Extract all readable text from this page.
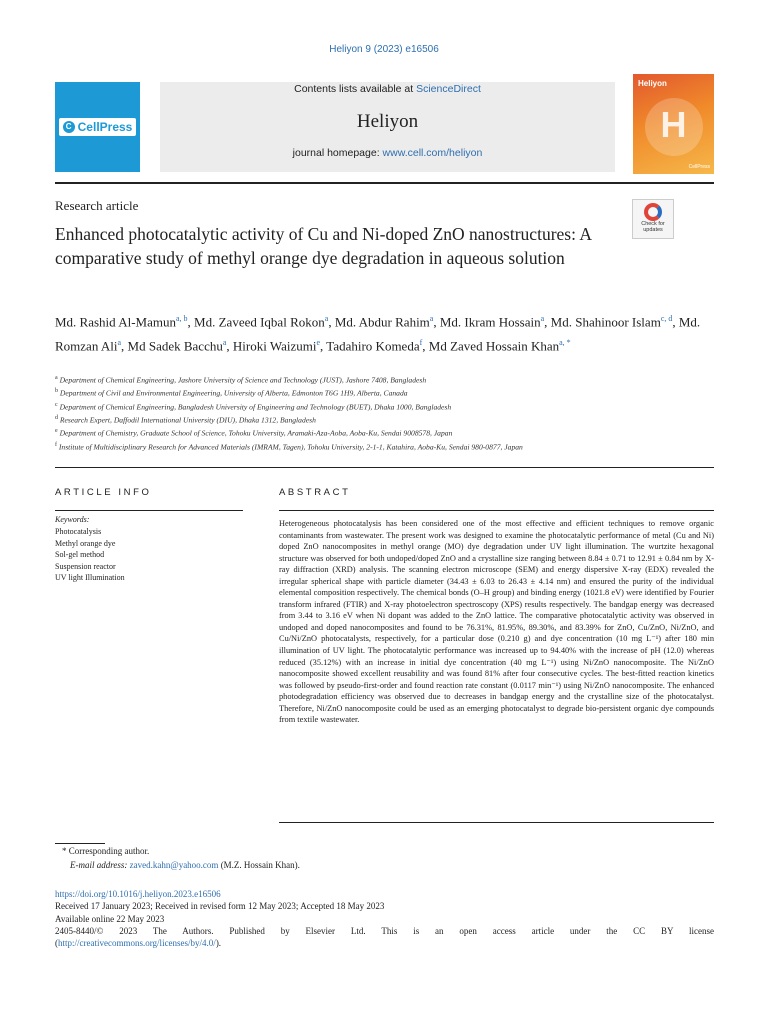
Heliyon 9 (2023) e16506
C CellPress
Contents lists available at ScienceDirect
Heliyon
journal homepage: www.cell.com/heliyon
Heliyon
H
CellPress
Research article
Enhanced photocatalytic activity of Cu and Ni-doped ZnO nanostructures: A comparative study of methyl orange dye degradation in aqueous solution
Check for
updates
Md. Rashid Al-Mamun$^{a, b}$, Md. Zaveed Iqbal Rokon$^a$, Md. Abdur Rahim$^a$, Md. Ikram Hossain$^a$, Md. Shahinoor Islam$^{c, d}$, Md. Romzan Ali$^a$, Md Sadek Bacchu$^a$, Hiroki Waizumi$^e$, Tadahiro Komeda$^f$, Md Zaved Hossain Khan$^{a, *}$
$^a$ Department of Chemical Engineering, Jashore University of Science and Technology (JUST), Jashore 7408, Bangladesh
$^b$ Department of Civil and Environmental Engineering, University of Alberta, Edmonton T6G 1H9, Alberta, Canada
$^c$ Department of Chemical Engineering, Bangladesh University of Engineering and Technology (BUET), Dhaka 1000, Bangladesh
$^d$ Research Expert, Daffodil International University (DIU), Dhaka 1312, Bangladesh
$^e$ Department of Chemistry, Graduate School of Science, Tohoku University, Aramaki-Aza-Aoba, Aoba-Ku, Sendai 9008578, Japan
$^f$ Institute of Multidisciplinary Research for Advanced Materials (IMRAM, Tagen), Tohoku University, 2-1-1, Katahira, Aoba-Ku, Sendai 980-0877, Japan
ARTICLE INFO
Keywords:
Photocatalysis
Methyl orange dye
Sol-gel method
Suspension reactor
UV light Illumination
ABSTRACT
Heterogeneous photocatalysis has been considered one of the most effective and efficient techniques to remove organic contaminants from wastewater. The present work was designed to examine the photocatalytic performance of metal (Cu and Ni) doped ZnO nanocomposites in methyl orange (MO) dye degradation under UV light illumination. The wurtzite hexagonal structure was observed for both undoped/doped ZnO and a crystalline size ranging between 8.84 ± 0.71 to 12.91 ± 0.84 nm by X-ray diffraction (XRD) analysis. The scanning electron microscope (SEM) and energy dispersive X-ray (EDX) revealed the irregular spherical shape with particle diameter (34.43 ± 6.03 to 26.43 ± 4.14 nm) and ensured the purity of the individual elemental composition respectively. The chemical bonds (O–H group) and binding energy (1021.8 eV) were identified by Fourier transform infrared (FTIR) and X-ray photoelectron spectroscopy (XPS) results respectively. The bandgap energy was decreased from 3.44 to 3.16 eV when Ni dopant was added to the ZnO lattice. The comparative photocatalytic activity was observed in undoped and doped nanocomposites and found to be 76.31%, 81.95%, 89.30%, and 83.39% for ZnO, Cu/ZnO, Ni/ZnO, and Cu/Ni/ZnO photocatalysts, respectively, for a particular dose (0.210 g) and dye concentration (10 mg L⁻¹) after 180 min illumination of UV light. The photocatalytic performance was increased up to 94.40% with the increase of pH (12.0) whereas reduced (35.12%) with an increase in initial dye concentration (40 mg L⁻¹) using Ni/ZnO nanocomposite. The Ni/ZnO nanocomposite showed excellent reusability and was found 81% after four consecutive cycles. The best-fitted reaction kinetics was followed by pseudo-first-order and found reaction rate constant (0.0117 min⁻¹) using Ni/ZnO nanocomposite. The enhanced photodegradation efficiency was observed due to decreases in bandgap energy and the crystalline size of the photocatalyst. Therefore, Ni/ZnO nanocomposite could be used as an emerging photocatalyst to degrade bio-persistent organic dye compounds from textile wastewater.
* Corresponding author.
E-mail address: zaved.kahn@yahoo.com (M.Z. Hossain Khan).
https://doi.org/10.1016/j.heliyon.2023.e16506
Received 17 January 2023; Received in revised form 12 May 2023; Accepted 18 May 2023
Available online 22 May 2023
2405-8440/© 2023 The Authors. Published by Elsevier Ltd. This is an open access article under the CC BY license
(http://creativecommons.org/licenses/by/4.0/).
